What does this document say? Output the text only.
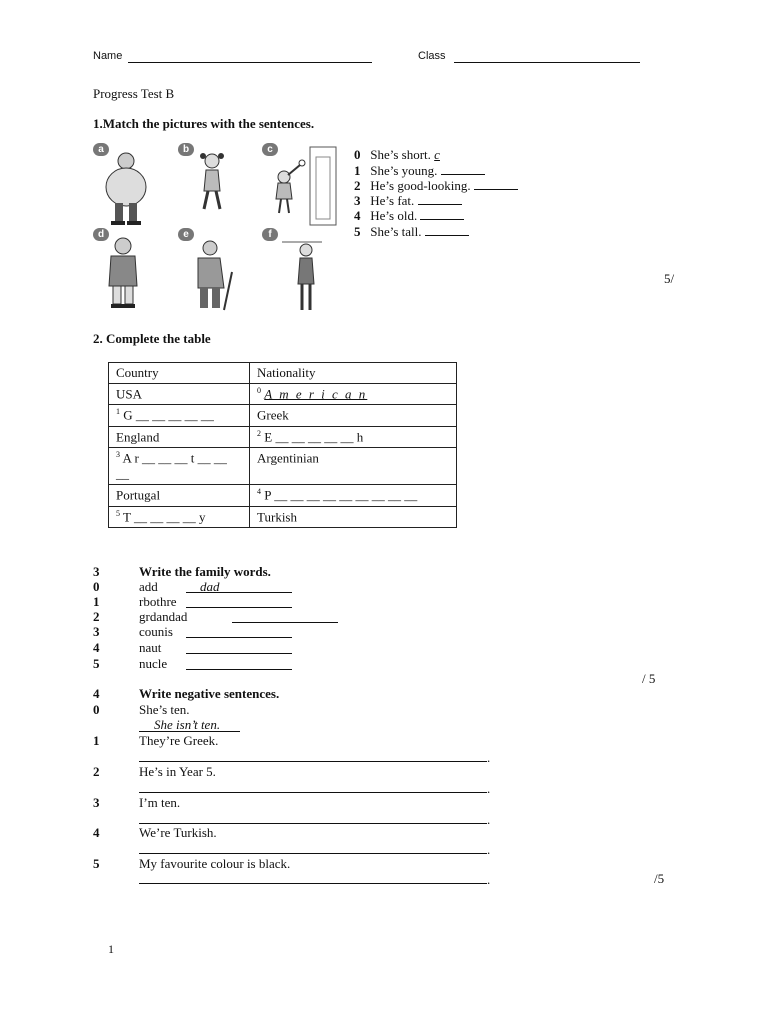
Name	Class
Progress Test B
1.Match the pictures with the sentences.
a	b	c
d	e	f
0 She’s short. c
1 She’s young.
2 He’s good-looking.
3 He’s fat.
4 He’s old.
5 She’s tall.
5/
2. Complete the table
Country	Nationality
USA	$^0$ A m e r i c a n
$^1$ G __ __ __ __ __	Greek
England	$^2$ E __ __ __ __ __ h
$^3$ A r __ __ __ t __ __ __	Argentinian
Portugal	$^4$ P __ __ __ __ __ __ __ __ __
$^5$ T __ __ __ __ y	Turkish
3	Write the family words.
0	add	dad
1	rbothre
2	grdandad
3	counis
4	naut
5	nucle
/ 5
4	Write negative sentences.
0	She’s ten.
She isn’t ten.
1	They’re Greek.
.
2	He’s in Year 5.
.
3	I’m ten.
.
4	We’re Turkish.
.
5	My favourite colour is black.
.	/5
1
